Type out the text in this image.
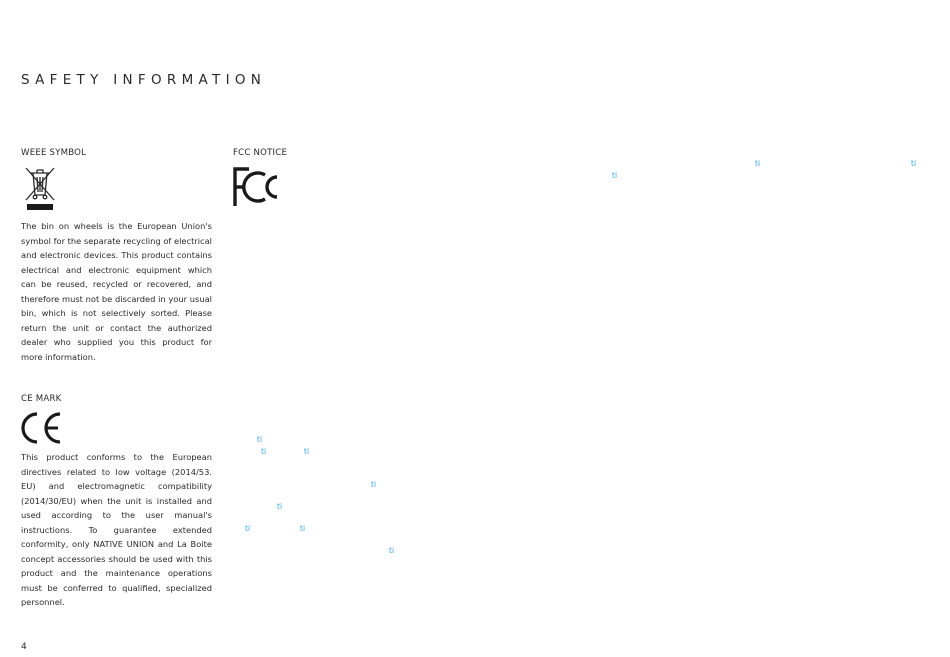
SAFETY INFORMATION
WEEE SYMBOL
The bin on wheels is the European Union's symbol for the separate recycling of electrical and electronic devices. This product contains electrical and electronic equipment which can be reused, recycled or recovered, and therefore must not be discarded in your usual bin, which is not selectively sorted. Please return the unit or contact the authorized dealer who supplied you this product for more information.
CE MARK
This product conforms to the European directives related to low voltage (2014/53. EU) and electromagnetic compatibility (2014/30/EU) when the unit is installed and used according to the user manual's instructions. To guarantee extended conformity, only NATIVE UNION and La Boite concept accessories should be used with this product and the maintenance operations must be conferred to qualified, specialized personnel.
FCC NOTICE
ti	ti
ti
ti
ti	ti
ti
ti
ti	ti
ti
4
